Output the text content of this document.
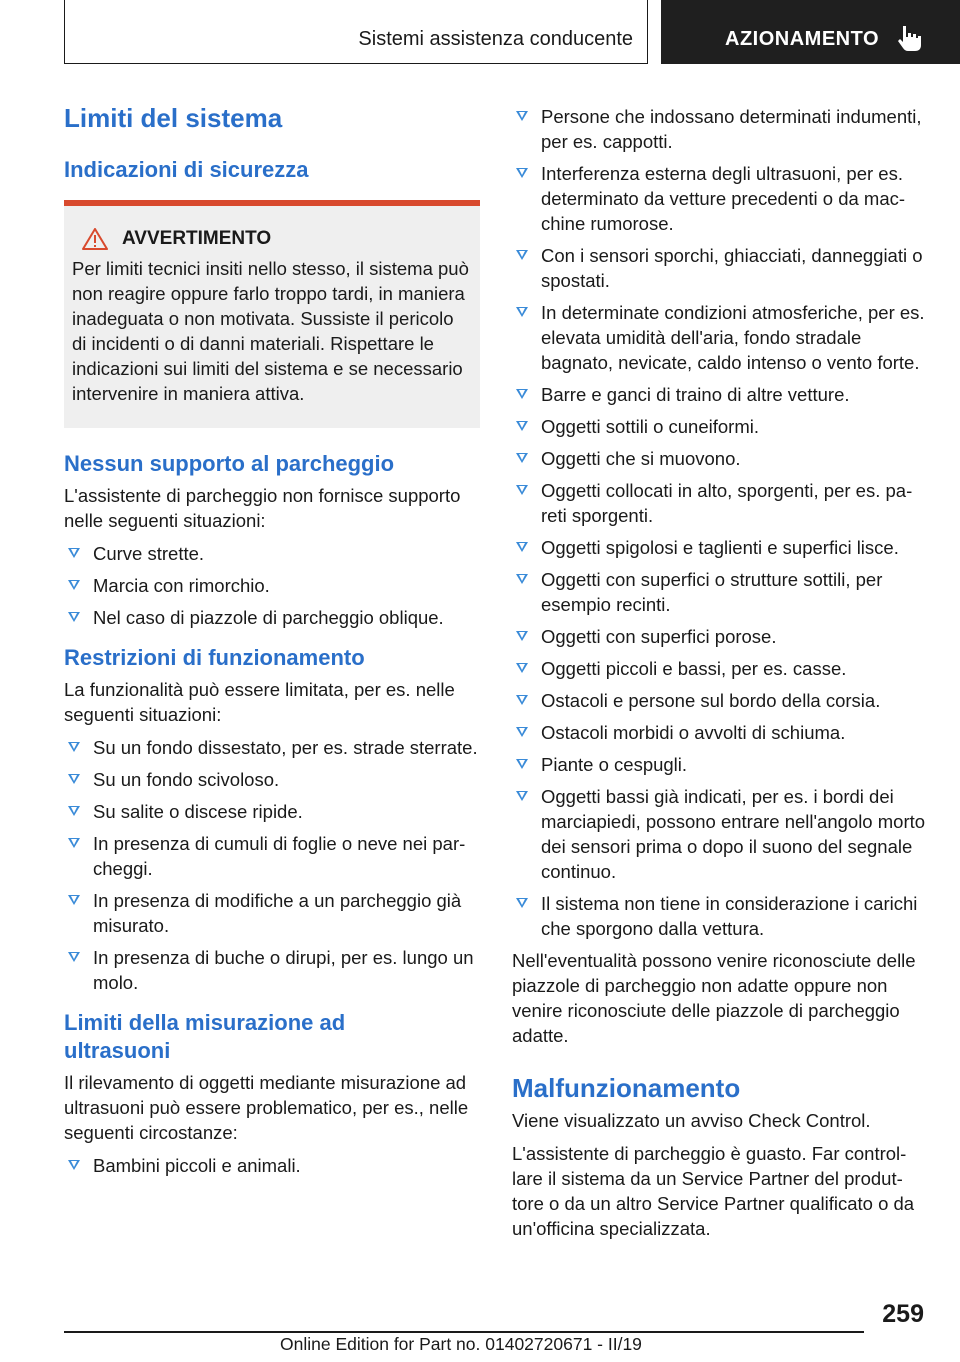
Sistemi assistenza conducente	AZIONAMENTO
Limiti del sistema
Indicazioni di sicurezza
AVVERTIMENTO
Per limiti tecnici insiti nello stesso, il sistema può non reagire oppure farlo troppo tardi, in maniera inadeguata o non motivata. Sussiste il pericolo di incidenti o di danni materiali. Rispettare le indicazioni sui limiti del sistema e se necessario intervenire in maniera attiva.
Nessun supporto al parcheggio

L'assistente di parcheggio non fornisce supporto nelle seguenti situazioni:

Curve strette.
Marcia con rimorchio.
Nel caso di piazzole di parcheggio oblique.
Restrizioni di funzionamento

La funzionalità può essere limitata, per es. nelle seguenti situazioni:

Su un fondo dissestato, per es. strade sterrate.
Su un fondo scivoloso.
Su salite o discese ripide.
In presenza di cumuli di foglie o neve nei parcheggi.
In presenza di modifiche a un parcheggio già misurato.
In presenza di buche o dirupi, per es. lungo un molo.
Limiti della misurazione ad ultrasuoni

Il rilevamento di oggetti mediante misurazione ad ultrasuoni può essere problematico, per es., nelle seguenti circostanze:

Bambini piccoli e animali.
Persone che indossano determinati indumenti, per es. cappotti.
Interferenza esterna degli ultrasuoni, per es. determinato da vetture precedenti o da macchine rumorose.
Con i sensori sporchi, ghiacciati, danneggiati o spostati.
In determinate condizioni atmosferiche, per es. elevata umidità dell'aria, fondo stradale bagnato, nevicate, caldo intenso o vento forte.
Barre e ganci di traino di altre vetture.
Oggetti sottili o cuneiformi.
Oggetti che si muovono.
Oggetti collocati in alto, sporgenti, per es. pareti sporgenti.
Oggetti spigolosi e taglienti e superfici lisce.
Oggetti con superfici o strutture sottili, per esempio recinti.
Oggetti con superfici porose.
Oggetti piccoli e bassi, per es. casse.
Ostacoli e persone sul bordo della corsia.
Ostacoli morbidi o avvolti di schiuma.
Piante o cespugli.
Oggetti bassi già indicati, per es. i bordi dei marciapiedi, possono entrare nell'angolo morto dei sensori prima o dopo il suono del segnale continuo.
Il sistema non tiene in considerazione i carichi che sporgono dalla vettura.

Nell'eventualità possono venire riconosciute delle piazzole di parcheggio non adatte oppure non venire riconosciute delle piazzole di parcheggio adatte.

Malfunzionamento

Viene visualizzato un avviso Check Control.

L'assistente di parcheggio è guasto. Far controllare il sistema da un Service Partner del produttore o da un altro Service Partner qualificato o da un'officina specializzata.

259
Online Edition for Part no. 01402720671 - II/19
